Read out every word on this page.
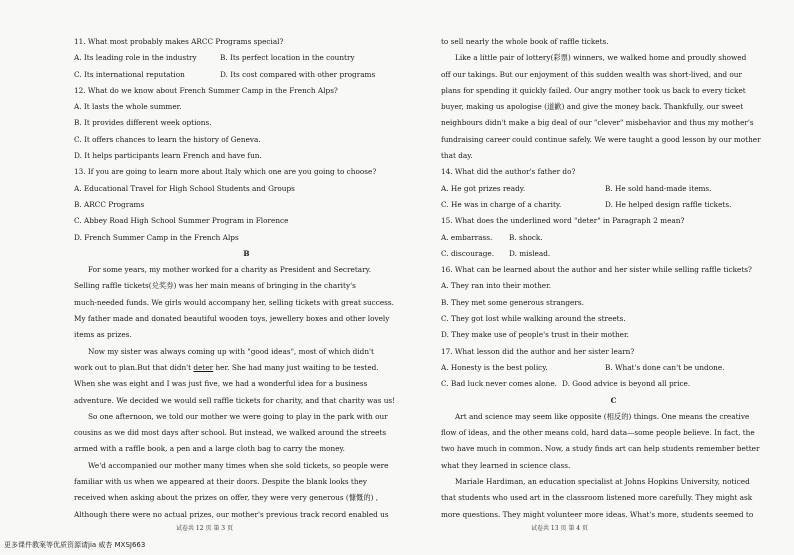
11. What most probably makes ARCC Programs special?
A. Its leading role in the industry	B. Its perfect location in the country
C. Its international reputation	D. Its cost compared with other programs
12. What do we know about French Summer Camp in the French Alps?
A. It lasts the whole summer.
B. It provides different week options.
C. It offers chances to learn the history of Geneva.
D. It helps participants learn French and have fun.
13. If you are going to learn more about Italy which one are you going to choose?
A. Educational Travel for High School Students and Groups
B. ARCC Programs
C. Abbey Road High School Summer Program in Florence
D. French Summer Camp in the French Alps
B
For some years, my mother worked for a charity as President and Secretary.
Selling raffle tickets(兑奖券) was her main means of bringing in the charity's
much-needed funds. We girls would accompany her, selling tickets with great success.
My father made and donated beautiful wooden toys, jewellery boxes and other lovely
items as prizes.
Now my sister was always coming up with "good ideas", most of which didn't
work out to plan.But that didn't deter her. She had many just waiting to be tested.
When she was eight and I was just five, we had a wonderful idea for a business
adventure. We decided we would sell raffle tickets for charity, and that charity was us!
So one afternoon, we told our mother we were going to play in the park with our
cousins as we did most days after school. But instead, we walked around the streets
armed with a raffle book, a pen and a large cloth bag to carry the money.
We'd accompanied our mother many times when she sold tickets, so people were
familiar with us when we appeared at their doors. Despite the blank looks they
received when asking about the prizes on offer, they were very generous (慷慨的) ,
Although there were no actual prizes, our mother's previous track record enabled us
to sell nearly the whole book of raffle tickets.
Like a little pair of lottery(彩票) winners, we walked home and proudly showed
off our takings. But our enjoyment of this sudden wealth was short-lived, and our
plans for spending it quickly failed. Our angry mother took us back to every ticket
buyer, making us apologise (道歉) and give the money back. Thankfully, our sweet
neighbours didn't make a big deal of our "clever" misbehavior and thus my mother's
fundraising career could continue safely. We were taught a good lesson by our mother
that day.
14. What did the author's father do?
A. He got prizes ready.	B. He sold hand-made items.
C. He was in charge of a charity.	D. He helped design raffle tickets.
15. What does the underlined word "deter" in Paragraph 2 mean?
A. embarrass.	B. shock.
C. discourage.	D. mislead.
16. What can be learned about the author and her sister while selling raffle tickets?
A. They ran into their mother.
B. They met some generous strangers.
C. They got lost while walking around the streets.
D. They make use of people's trust in their mother.
17. What lesson did the author and her sister learn?
A. Honesty is the best policy.	B. What's done can't be undone.
C. Bad luck never comes alone. D. Good advice is beyond all price.
C
Art and science may seem like opposite (相反的) things. One means the creative
flow of ideas, and the other means cold, hard data—some people believe. In fact, the
two have much in common. Now, a study finds art can help students remember better
what they learned in science class.
Mariale Hardiman, an education specialist at Johns Hopkins University, noticed
that students who used art in the classroom listened more carefully. They might ask
more questions. They might volunteer more ideas. What's more, students seemed to
试卷共 12 页 第 3 页	试卷共 13 页 第 4 页
更多课件教案等优质资源请jia 威杏 MXSJ663
